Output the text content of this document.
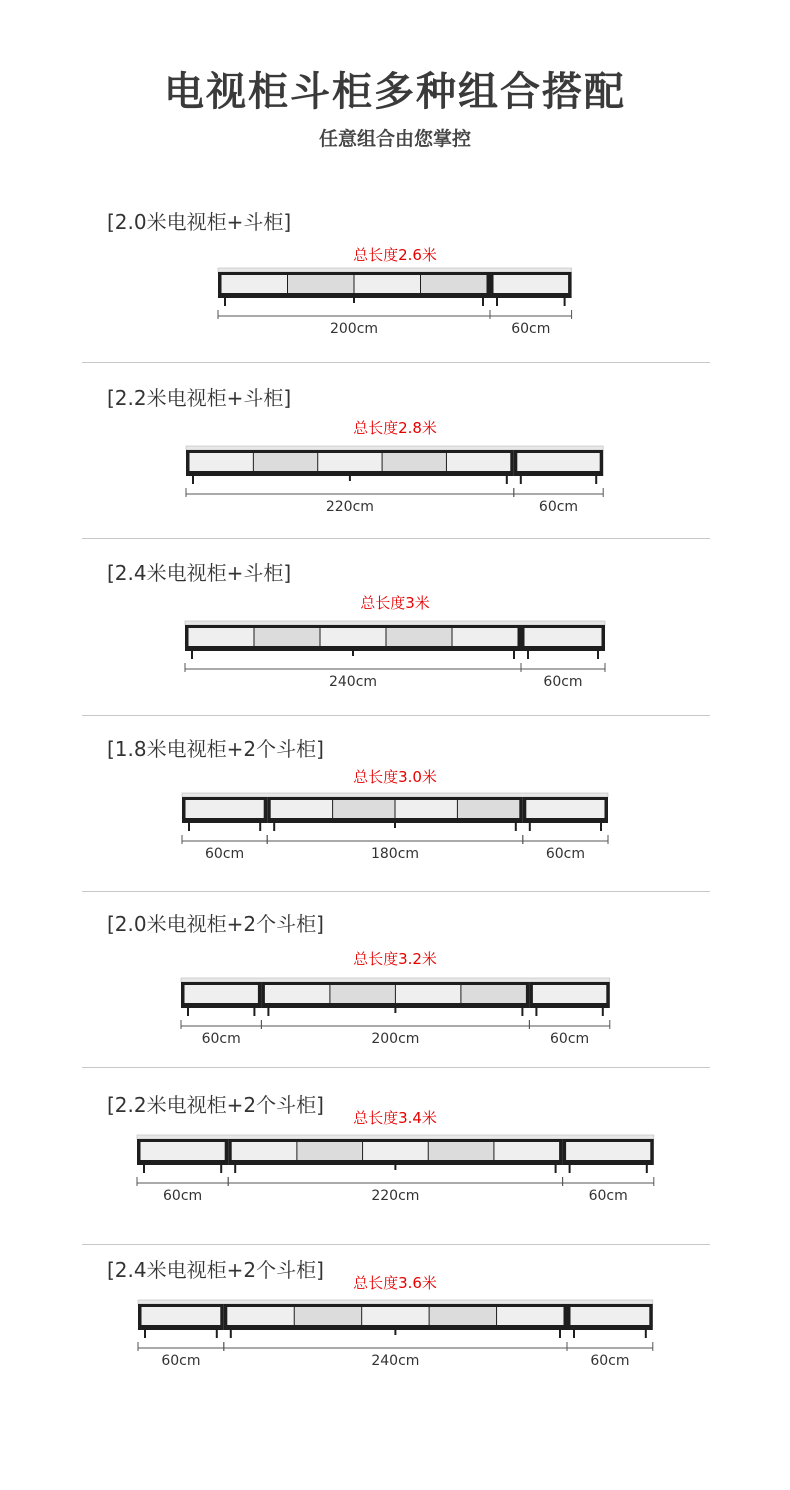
电视柜斗柜多种组合搭配
任意组合由您掌控
[2.0米电视柜+斗柜]
总长度2.6米
200cm	60cm
[2.2米电视柜+斗柜]
总长度2.8米
220cm	60cm
[2.4米电视柜+斗柜]
总长度3米
240cm	60cm
[1.8米电视柜+2个斗柜]
总长度3.0米
60cm	180cm	60cm
[2.0米电视柜+2个斗柜]
总长度3.2米
60cm	200cm	60cm
[2.2米电视柜+2个斗柜]
总长度3.4米
60cm	220cm	60cm
[2.4米电视柜+2个斗柜]
总长度3.6米
60cm	240cm	60cm
